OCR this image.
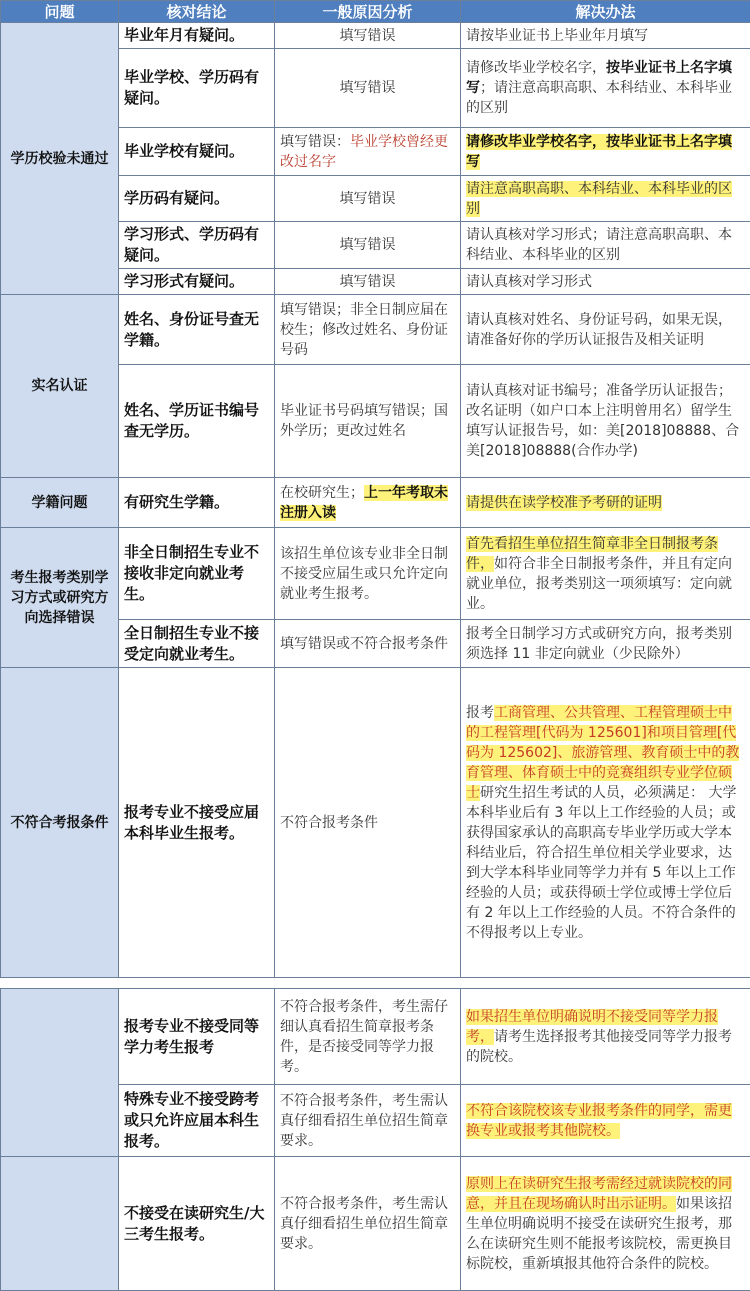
问题	核对结论	一般原因分析	解决办法
学历校验未通过	毕业年月有疑问。	填写错误	请按毕业证书上毕业年月填写
	毕业学校、学历码有疑问。	填写错误	请修改毕业学校名字，按毕业证书上名字填写；请注意高职高职、本科结业、本科毕业的区别
	毕业学校有疑问。	填写错误：毕业学校曾经更改过名字	请修改毕业学校名字，按毕业证书上名字填写
	学历码有疑问。	填写错误	请注意高职高职、本科结业、本科毕业的区别
	学习形式、学历码有疑问。	填写错误	请认真核对学习形式；请注意高职高职、本科结业、本科毕业的区别
	学习形式有疑问。	填写错误	请认真核对学习形式
实名认证	姓名、身份证号查无学籍。	填写错误；非全日制应届在校生；修改过姓名、身份证号码	请认真核对姓名、身份证号码，如果无误，请准备好你的学历认证报告及相关证明
	姓名、学历证书编号查无学历。	毕业证书号码填写错误；国外学历；更改过姓名	请认真核对证书编号；准备学历认证报告；改名证明（如户口本上注明曾用名）留学生填写认证报告号，如：美[2018]08888、合美[2018]08888(合作办学)
学籍问题	有研究生学籍。	在校研究生；上一年考取未注册入读	请提供在读学校准予考研的证明
考生报考类别学习方式或研究方向选择错误	非全日制招生专业不接收非定向就业考生。	该招生单位该专业非全日制不接受应届生或只允许定向就业考生报考。	首先看招生单位招生简章非全日制报考条件，如符合非全日制报考条件，并且有定向就业单位，报考类别这一项须填写：定向就业。
	全日制招生专业不接受定向就业考生。	填写错误或不符合报考条件	报考全日制学习方式或研究方向，报考类别须选择 11 非定向就业（少民除外）
不符合考报条件	报考专业不接受应届本科毕业生报考。	不符合报考条件	报考工商管理、公共管理、工程管理硕士中的工程管理[代码为 125601]和项目管理[代码为 125602]、旅游管理、教育硕士中的教育管理、体育硕士中的竞赛组织专业学位硕士研究生招生考试的人员，必须满足： 大学本科毕业后有 3 年以上工作经验的人员；或获得国家承认的高职高专毕业学历或大学本科结业后，符合招生单位相关学业要求，达到大学本科毕业同等学力并有 5 年以上工作经验的人员；或获得硕士学位或博士学位后有 2 年以上工作经验的人员。不符合条件的不得报考以上专业。

	报考专业不接受同等学力考生报考	不符合报考条件，考生需仔细认真看招生简章报考条件，是否接受同等学力报考。	如果招生单位明确说明不接受同等学力报考，请考生选择报考其他接受同等学力报考的院校。
	特殊专业不接受跨考或只允许应届本科生报考。	不符合报考条件，考生需认真仔细看招生单位招生简章要求。	不符合该院校该专业报考条件的同学，需更换专业或报考其他院校。
	不接受在读研究生/大三考生报考。	不符合报考条件，考生需认真仔细看招生单位招生简章要求。	原则上在读研究生报考需经过就读院校的同意，并且在现场确认时出示证明。如果该招生单位明确说明不接受在读研究生报考，那么在读研究生则不能报考该院校，需更换目标院校，重新填报其他符合条件的院校。
